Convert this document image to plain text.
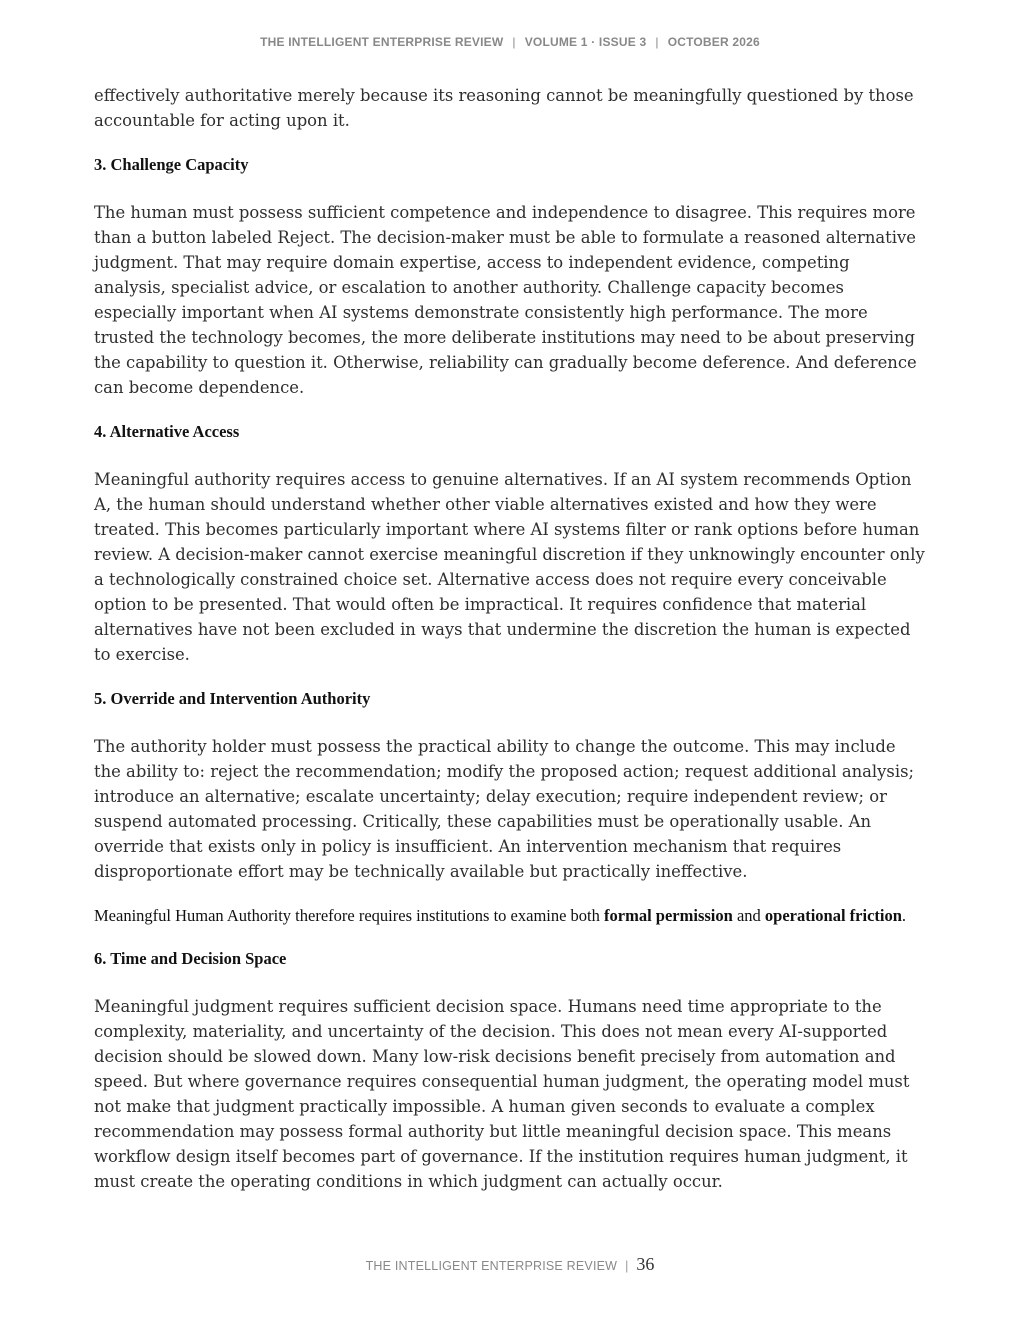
THE INTELLIGENT ENTERPRISE REVIEW | VOLUME 1 · ISSUE 3 | OCTOBER 2026

effectively authoritative merely because its reasoning cannot be meaningfully questioned by those accountable for acting upon it.

3. Challenge Capacity

The human must possess sufficient competence and independence to disagree. This requires more than a button labeled Reject. The decision-maker must be able to formulate a reasoned alternative judgment. That may require domain expertise, access to independent evidence, competing analysis, specialist advice, or escalation to another authority. Challenge capacity becomes especially important when AI systems demonstrate consistently high performance. The more trusted the technology becomes, the more deliberate institutions may need to be about preserving the capability to question it. Otherwise, reliability can gradually become deference. And deference can become dependence.

4. Alternative Access

Meaningful authority requires access to genuine alternatives. If an AI system recommends Option A, the human should understand whether other viable alternatives existed and how they were treated. This becomes particularly important where AI systems filter or rank options before human review. A decision-maker cannot exercise meaningful discretion if they unknowingly encounter only a technologically constrained choice set. Alternative access does not require every conceivable option to be presented. That would often be impractical. It requires confidence that material alternatives have not been excluded in ways that undermine the discretion the human is expected to exercise.

5. Override and Intervention Authority

The authority holder must possess the practical ability to change the outcome. This may include the ability to: reject the recommendation; modify the proposed action; request additional analysis; introduce an alternative; escalate uncertainty; delay execution; require independent review; or suspend automated processing. Critically, these capabilities must be operationally usable. An override that exists only in policy is insufficient. An intervention mechanism that requires disproportionate effort may be technically available but practically ineffective.

Meaningful Human Authority therefore requires institutions to examine both formal permission and operational friction.

6. Time and Decision Space

Meaningful judgment requires sufficient decision space. Humans need time appropriate to the complexity, materiality, and uncertainty of the decision. This does not mean every AI-supported decision should be slowed down. Many low-risk decisions benefit precisely from automation and speed. But where governance requires consequential human judgment, the operating model must not make that judgment practically impossible. A human given seconds to evaluate a complex recommendation may possess formal authority but little meaningful decision space. This means workflow design itself becomes part of governance. If the institution requires human judgment, it must create the operating conditions in which judgment can actually occur.

THE INTELLIGENT ENTERPRISE REVIEW | 36
